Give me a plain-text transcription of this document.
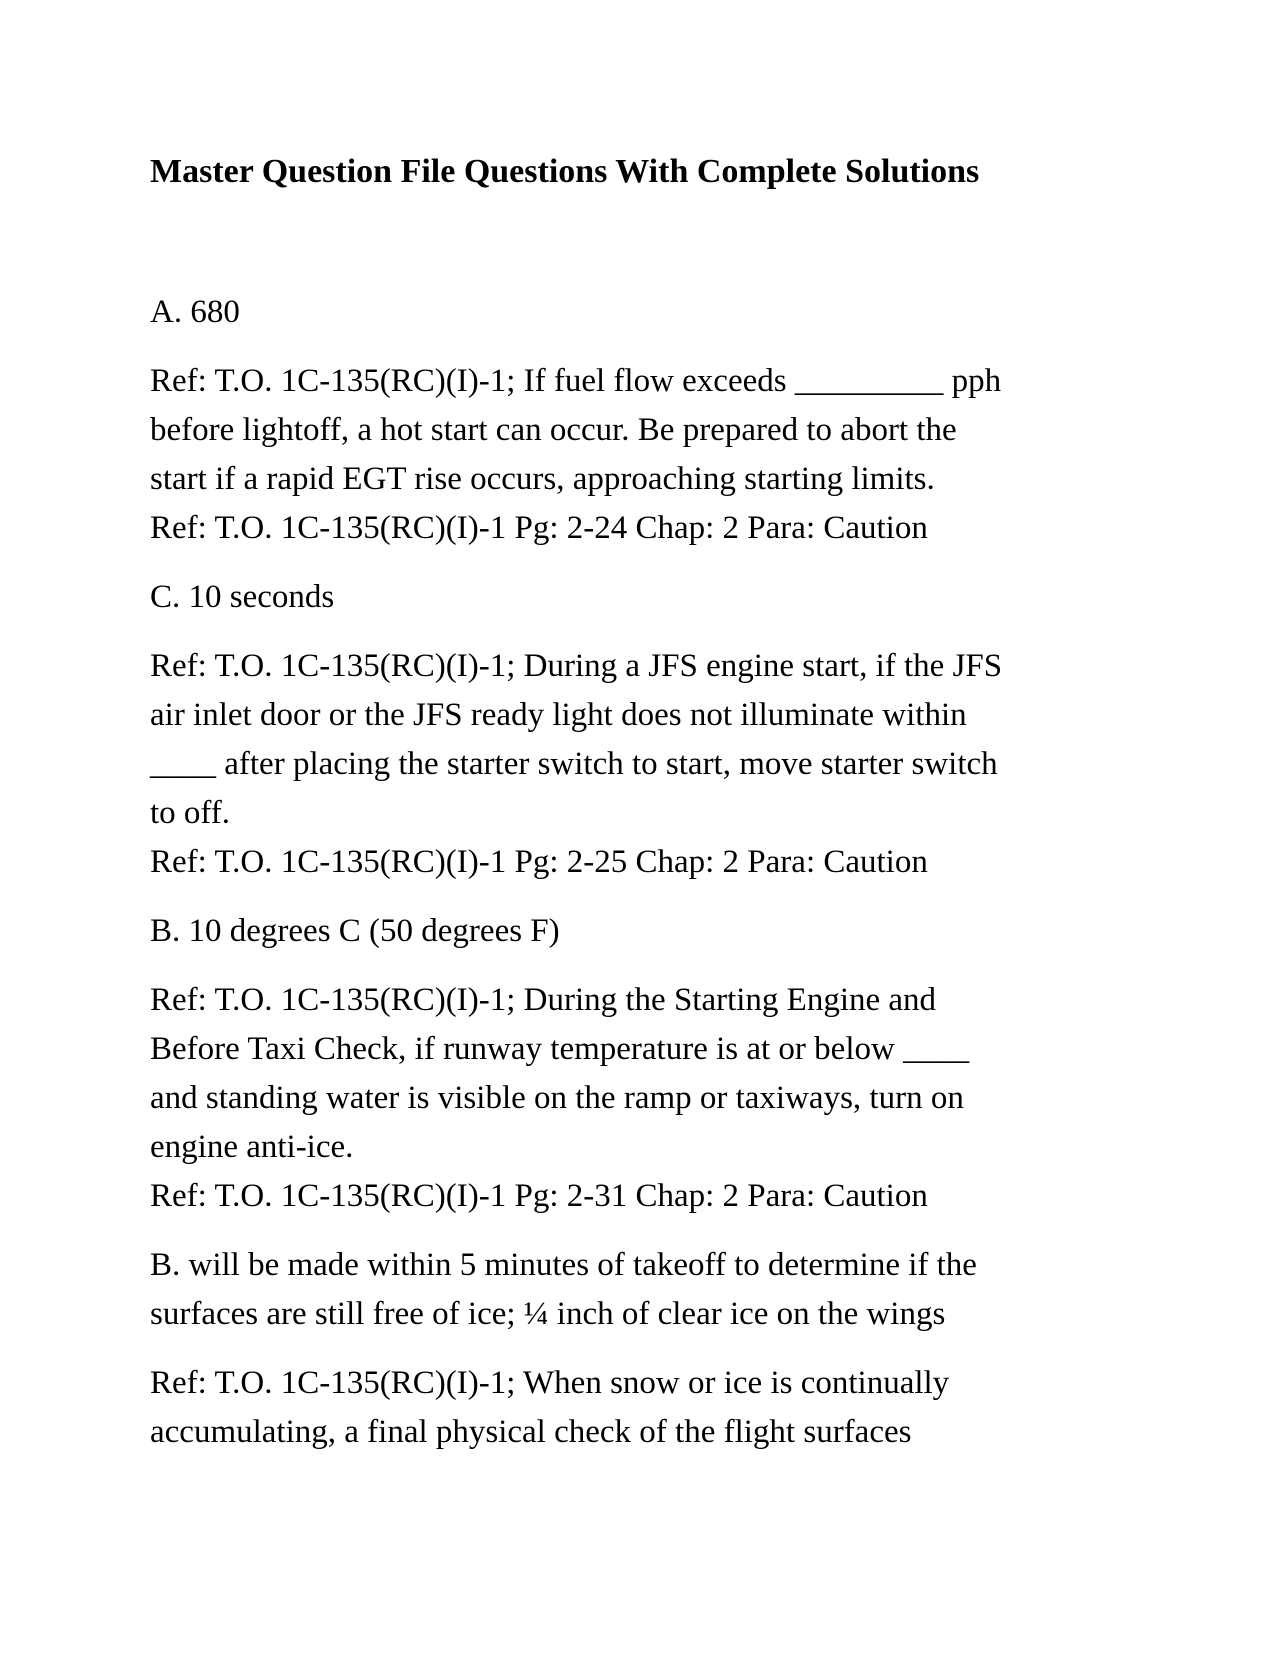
Master Question File Questions With Complete Solutions

A. 680

Ref: T.O. 1C-135(RC)(I)-1; If fuel flow exceeds _________ pph
before lightoff, a hot start can occur. Be prepared to abort the
start if a rapid EGT rise occurs, approaching starting limits.
Ref: T.O. 1C-135(RC)(I)-1 Pg: 2-24 Chap: 2 Para: Caution

C. 10 seconds

Ref: T.O. 1C-135(RC)(I)-1; During a JFS engine start, if the JFS
air inlet door or the JFS ready light does not illuminate within
____ after placing the starter switch to start, move starter switch
to off.
Ref: T.O. 1C-135(RC)(I)-1 Pg: 2-25 Chap: 2 Para: Caution

B. 10 degrees C (50 degrees F)

Ref: T.O. 1C-135(RC)(I)-1; During the Starting Engine and
Before Taxi Check, if runway temperature is at or below ____
and standing water is visible on the ramp or taxiways, turn on
engine anti-ice.
Ref: T.O. 1C-135(RC)(I)-1 Pg: 2-31 Chap: 2 Para: Caution

B. will be made within 5 minutes of takeoff to determine if the
surfaces are still free of ice; ¼ inch of clear ice on the wings

Ref: T.O. 1C-135(RC)(I)-1; When snow or ice is continually
accumulating, a final physical check of the flight surfaces
